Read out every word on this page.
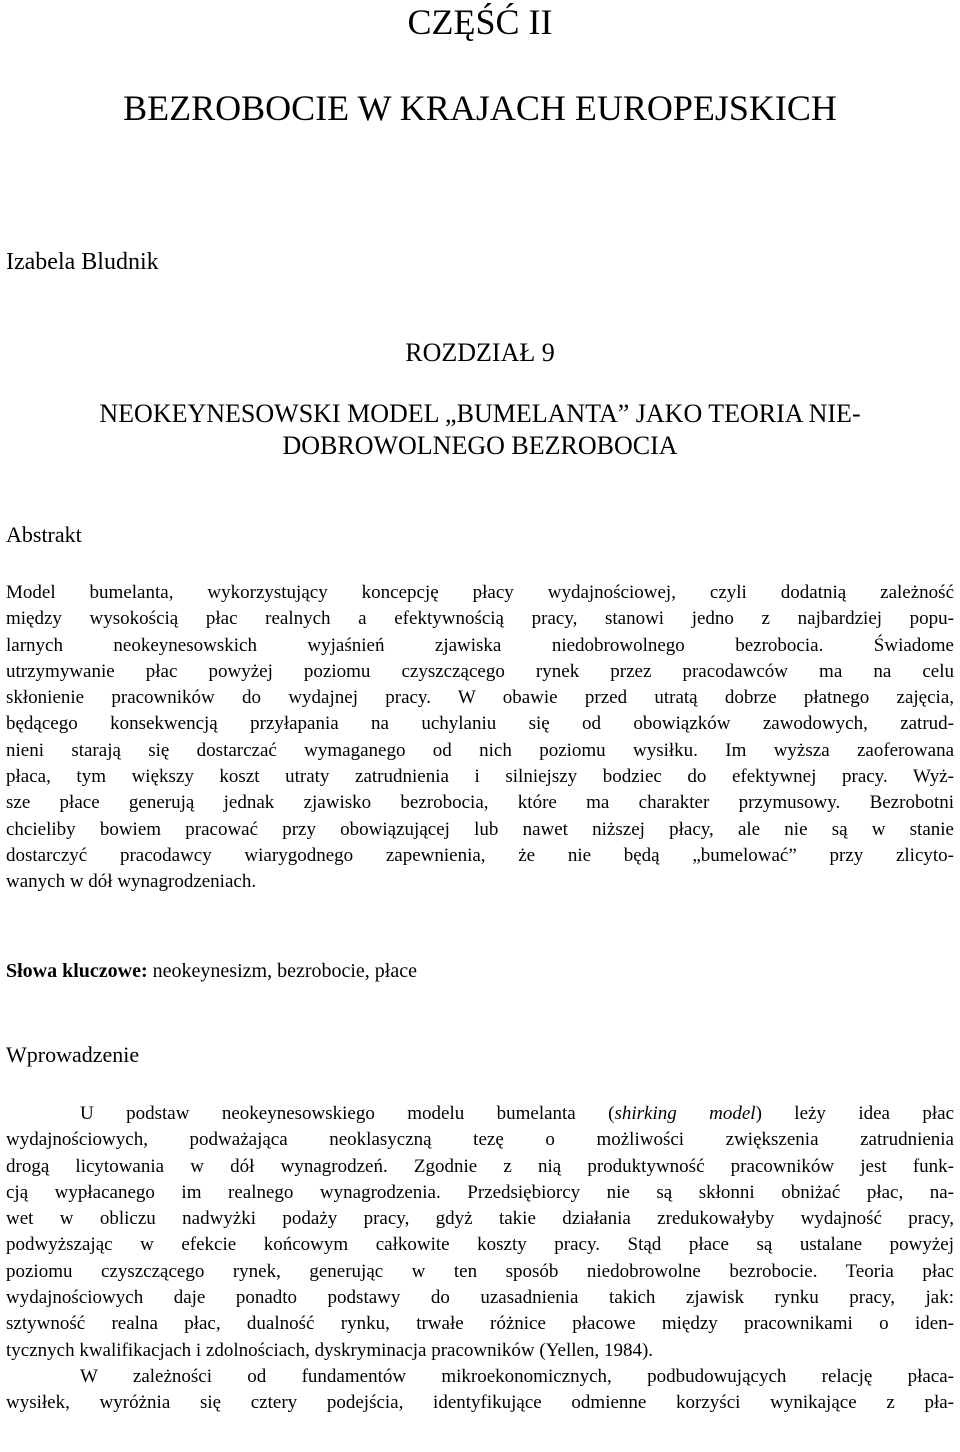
CZĘŚĆ II
BEZROBOCIE W KRAJACH EUROPEJSKICH

Izabela Bludnik

ROZDZIAŁ 9
NEOKEYNESOWSKI MODEL „BUMELANTA” JAKO TEORIA NIE-
DOBROWOLNEGO BEZROBOCIA
Abstrakt
Model bumelanta, wykorzystujący koncepcję płacy wydajnościowej, czyli dodatnią zależność
między wysokością płac realnych a efektywnością pracy, stanowi jedno z najbardziej popu-
larnych neokeynesowskich wyjaśnień zjawiska niedobrowolnego bezrobocia. Świadome
utrzymywanie płac powyżej poziomu czyszczącego rynek przez pracodawców ma na celu
skłonienie pracowników do wydajnej pracy. W obawie przed utratą dobrze płatnego zajęcia,
będącego konsekwencją przyłapania na uchylaniu się od obowiązków zawodowych, zatrud-
nieni starają się dostarczać wymaganego od nich poziomu wysiłku. Im wyższa zaoferowana
płaca, tym większy koszt utraty zatrudnienia i silniejszy bodziec do efektywnej pracy. Wyż-
sze płace generują jednak zjawisko bezrobocia, które ma charakter przymusowy. Bezrobotni
chcieliby bowiem pracować przy obowiązującej lub nawet niższej płacy, ale nie są w stanie
dostarczyć pracodawcy wiarygodnego zapewnienia, że nie będą „bumelować” przy zlicyto-
wanych w dół wynagrodzeniach.

Słowa kluczowe: neokeynesizm, bezrobocie, płace

Wprowadzenie
U podstaw neokeynesowskiego modelu bumelanta (shirking model) leży idea płac
wydajnościowych, podważająca neoklasyczną tezę o możliwości zwiększenia zatrudnienia
drogą licytowania w dół wynagrodzeń. Zgodnie z nią produktywność pracowników jest funk-
cją wypłacanego im realnego wynagrodzenia. Przedsiębiorcy nie są skłonni obniżać płac, na-
wet w obliczu nadwyżki podaży pracy, gdyż takie działania zredukowałyby wydajność pracy,
podwyższając w efekcie końcowym całkowite koszty pracy. Stąd płace są ustalane powyżej
poziomu czyszczącego rynek, generując w ten sposób niedobrowolne bezrobocie. Teoria płac
wydajnościowych daje ponadto podstawy do uzasadnienia takich zjawisk rynku pracy, jak:
sztywność realna płac, dualność rynku, trwałe różnice płacowe między pracownikami o iden-
tycznych kwalifikacjach i zdolnościach, dyskryminacja pracowników (Yellen, 1984).
W zależności od fundamentów mikroekonomicznych, podbudowujących relację płaca-
wysiłek, wyróżnia się cztery podejścia, identyfikujące odmienne korzyści wynikające z pła-
